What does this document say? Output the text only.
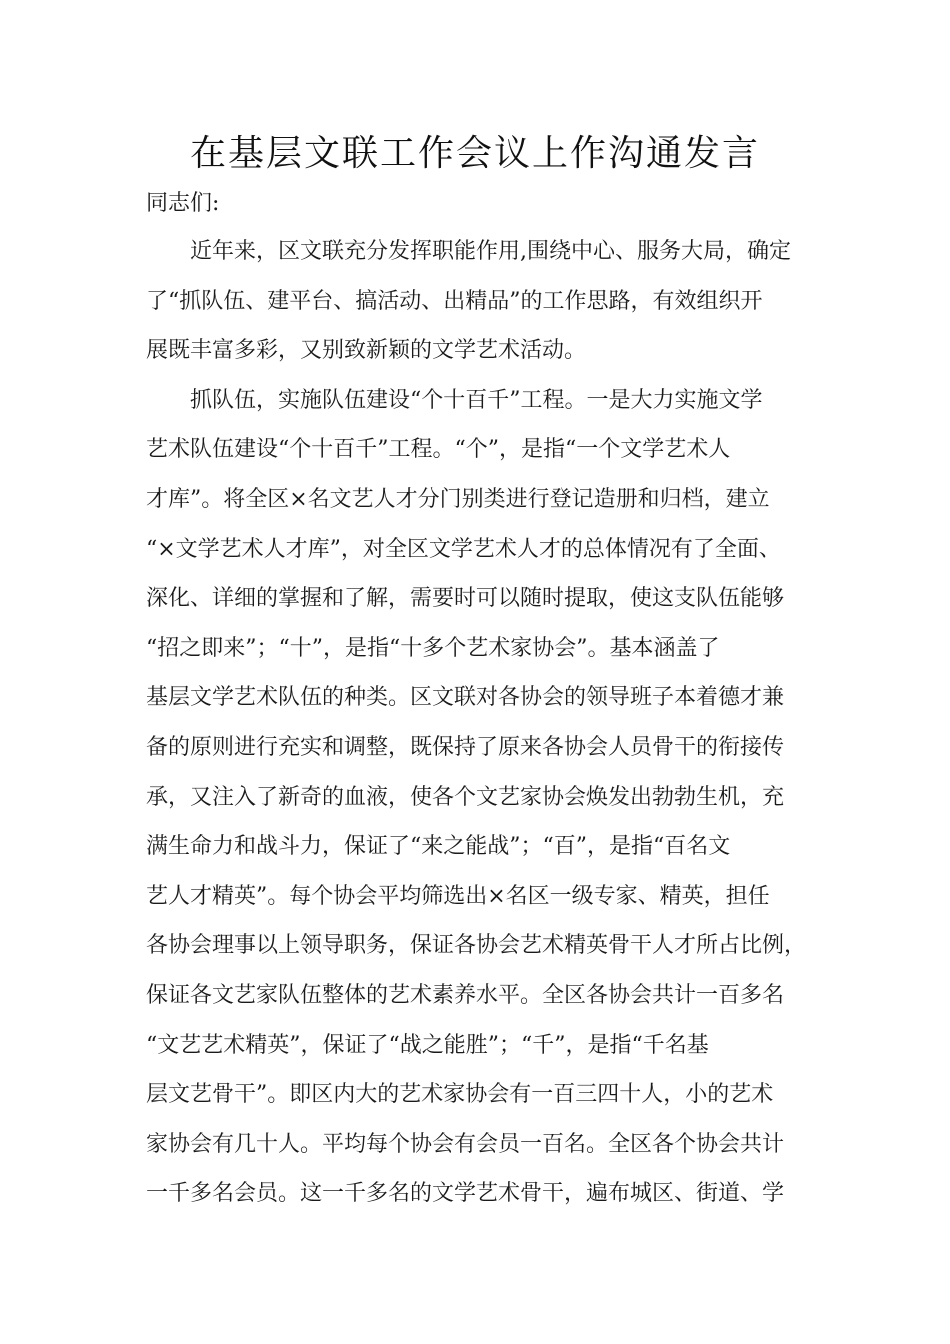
在基层文联工作会议上作沟通发言
同志们:
近年来，区文联充分发挥职能作用,围绕中心、服务大局，确定
了“抓队伍、建平台、搞活动、出精品”的工作思路，有效组织开
展既丰富多彩，又别致新颖的文学艺术活动。
抓队伍，实施队伍建设“个十百千”工程。一是大力实施文学
艺术队伍建设“个十百千”工程。“个”，是指“一个文学艺术人
才库”。将全区×名文艺人才分门别类进行登记造册和归档，建立
“×文学艺术人才库”，对全区文学艺术人才的总体情况有了全面、
深化、详细的掌握和了解，需要时可以随时提取，使这支队伍能够
“招之即来”；“十”，是指“十多个艺术家协会”。基本涵盖了
基层文学艺术队伍的种类。区文联对各协会的领导班子本着德才兼
备的原则进行充实和调整，既保持了原来各协会人员骨干的衔接传
承，又注入了新奇的血液，使各个文艺家协会焕发出勃勃生机，充
满生命力和战斗力，保证了“来之能战”；“百”，是指“百名文
艺人才精英”。每个协会平均筛选出×名区一级专家、精英，担任
各协会理事以上领导职务，保证各协会艺术精英骨干人才所占比例，
保证各文艺家队伍整体的艺术素养水平。全区各协会共计一百多名
“文艺艺术精英”，保证了“战之能胜”；“千”，是指“千名基
层文艺骨干”。即区内大的艺术家协会有一百三四十人，小的艺术
家协会有几十人。平均每个协会有会员一百名。全区各个协会共计
一千多名会员。这一千多名的文学艺术骨干，遍布城区、街道、学
